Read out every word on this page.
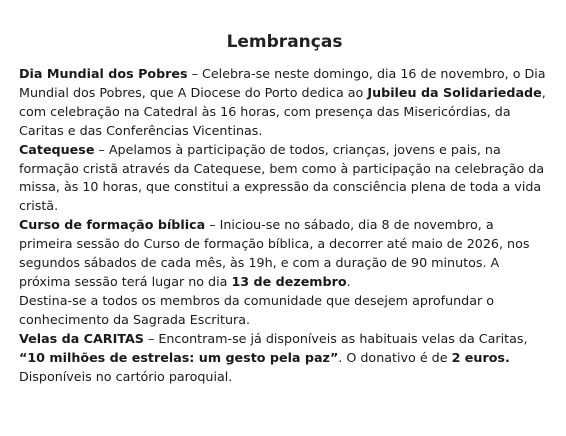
Lembranças

Dia Mundial dos Pobres – Celebra-se neste domingo, dia 16 de novembro, o Dia Mundial dos Pobres, que A Diocese do Porto dedica ao Jubileu da Solidariedade, com celebração na Catedral às 16 horas, com presença das Misericórdias, da Caritas e das Conferências Vicentinas.

Catequese – Apelamos à participação de todos, crianças, jovens e pais, na formação cristã através da Catequese, bem como à participação na celebração da missa, às 10 horas, que constitui a expressão da consciência plena de toda a vida cristã.

Curso de formação bíblica – Iniciou-se no sábado, dia 8 de novembro, a primeira sessão do Curso de formação bíblica, a decorrer até maio de 2026, nos segundos sábados de cada mês, às 19h, e com a duração de 90 minutos. A próxima sessão terá lugar no dia 13 de dezembro.

Destina-se a todos os membros da comunidade que desejem aprofundar o conhecimento da Sagrada Escritura.

Velas da CARITAS – Encontram-se já disponíveis as habituais velas da Caritas, “10 milhões de estrelas: um gesto pela paz”. O donativo é de 2 euros. Disponíveis no cartório paroquial.
